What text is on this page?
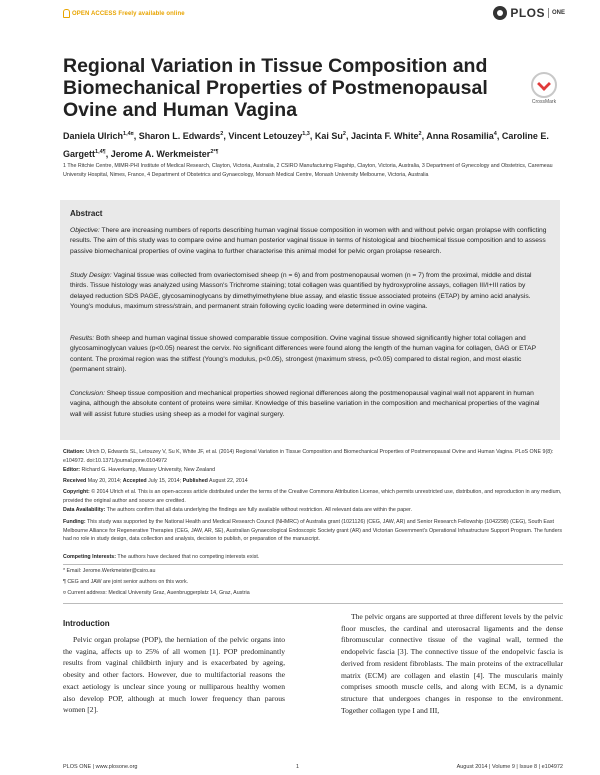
OPEN ACCESS Freely available online	PLOS ONE
Regional Variation in Tissue Composition and Biomechanical Properties of Postmenopausal Ovine and Human Vagina	CrossMark
Daniela Ulrich$^{1,4¤}$, Sharon L. Edwards$^2$, Vincent Letouzey$^{1,3}$, Kai Su$^2$, Jacinta F. White$^2$, Anna Rosamilia$^4$, Caroline E. Gargett$^{1,4\P}$, Jerome A. Werkmeister$^{2*\P}$
1 The Ritchie Centre, MIMR-PHI Institute of Medical Research, Clayton, Victoria, Australia, 2 CSIRO Manufacturing Flagship, Clayton, Victoria, Australia, 3 Department of Gynecology and Obstetrics, Caremeau University Hospital, Nimes, France, 4 Department of Obstetrics and Gynaecology, Monash Medical Centre, Monash University Melbourne, Victoria, Australia
Abstract

Objective: There are increasing numbers of reports describing human vaginal tissue composition in women with and without pelvic organ prolapse with conflicting results. The aim of this study was to compare ovine and human posterior vaginal tissue in terms of histological and biochemical tissue composition and to assess passive biomechanical properties of ovine vagina to further characterise this animal model for pelvic organ prolapse research.

Study Design: Vaginal tissue was collected from ovariectomised sheep (n = 6) and from postmenopausal women (n = 7) from the proximal, middle and distal thirds. Tissue histology was analyzed using Masson's Trichrome staining; total collagen was quantified by hydroxyproline assays, collagen III/I+III ratios by delayed reduction SDS PAGE, glycosaminoglycans by dimethylmethylene blue assay, and elastic tissue associated proteins (ETAP) by amino acid analysis. Young's modulus, maximum stress/strain, and permanent strain following cyclic loading were determined in ovine vagina.

Results: Both sheep and human vaginal tissue showed comparable tissue composition. Ovine vaginal tissue showed significantly higher total collagen and glycosaminoglycan values (p<0.05) nearest the cervix. No significant differences were found along the length of the human vagina for collagen, GAG or ETAP content. The proximal region was the stiffest (Young's modulus, p<0.05), strongest (maximum stress, p<0.05) compared to distal region, and most elastic (permanent strain).

Conclusion: Sheep tissue composition and mechanical properties showed regional differences along the postmenopausal vaginal wall not apparent in human vagina, although the absolute content of proteins were similar. Knowledge of this baseline variation in the composition and mechanical properties of the vaginal wall will assist future studies using sheep as a model for vaginal surgery.

Citation: Ulrich D, Edwards SL, Letouzey V, Su K, White JF, et al. (2014) Regional Variation in Tissue Composition and Biomechanical Properties of Postmenopausal Ovine and Human Vagina. PLoS ONE 9(8): e104972. doi:10.1371/journal.pone.0104972

Editor: Richard G. Haverkamp, Massey University, New Zealand

Received May 20, 2014; Accepted July 15, 2014; Published August 22, 2014

Copyright: © 2014 Ulrich et al. This is an open-access article distributed under the terms of the Creative Commons Attribution License, which permits unrestricted use, distribution, and reproduction in any medium, provided the original author and source are credited.

Data Availability: The authors confirm that all data underlying the findings are fully available without restriction. All relevant data are within the paper.

Funding: This study was supported by the National Health and Medical Research Council (NHMRC) of Australia grant (1021126) (CEG, JAW, AR) and Senior Research Fellowship (1042298) (CEG), South East Melbourne Alliance for Regenerative Therapies (CEG, JAW, AR, SE), Australian Gynaecological Endoscopic Society grant (AR) and Victorian Government's Operational Infrastructure Support Program. The funders had no role in study design, data collection and analysis, decision to publish, or preparation of the manuscript.

Competing Interests: The authors have declared that no competing interests exist.

* Email: Jerome.Werkmeister@csiro.au

¶ CEG and JAW are joint senior authors on this work.

¤ Current address: Medical University Graz, Auenbruggerplatz 14, Graz, Austria

Introduction

Pelvic organ prolapse (POP), the herniation of the pelvic organs into the vagina, affects up to 25% of all women [1]. POP predominantly results from vaginal childbirth injury and is exacerbated by ageing, obesity and other factors. However, due to multifactorial reasons the exact aetiology is unclear since young or nulliparous healthy women also develop POP, although at much lower frequency than parous women [2].

The pelvic organs are supported at three different levels by the pelvic floor muscles, the cardinal and uterosacral ligaments and the dense fibromuscular connective tissue of the vaginal wall, termed the endopelvic fascia [3]. The connective tissue of the endopelvic fascia is derived from resident fibroblasts. The main proteins of the extracellular matrix (ECM) are collagen and elastin [4]. The muscularis mainly comprises smooth muscle cells, and along with ECM, is a dynamic structure that undergoes changes in response to the environment. Together collagen type I and III,

PLOS ONE | www.plosone.org	1	August 2014 | Volume 9 | Issue 8 | e104972
